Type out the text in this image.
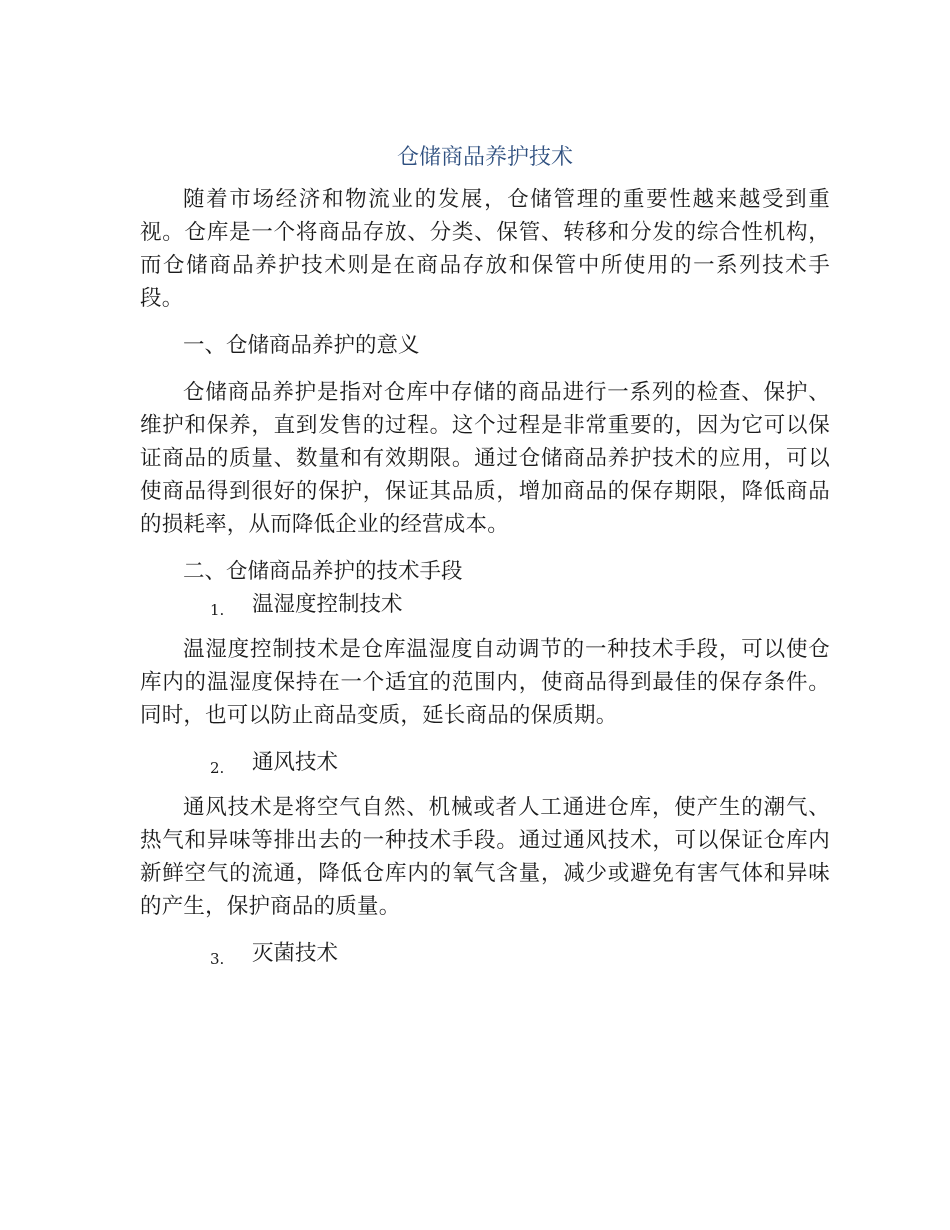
仓储商品养护技术

随着市场经济和物流业的发展，仓储管理的重要性越来越受到重视。仓库是一个将商品存放、分类、保管、转移和分发的综合性机构，而仓储商品养护技术则是在商品存放和保管中所使用的一系列技术手段。

一、仓储商品养护的意义

仓储商品养护是指对仓库中存储的商品进行一系列的检查、保护、维护和保养，直到发售的过程。这个过程是非常重要的，因为它可以保证商品的质量、数量和有效期限。通过仓储商品养护技术的应用，可以使商品得到很好的保护，保证其品质，增加商品的保存期限，降低商品的损耗率，从而降低企业的经营成本。

二、仓储商品养护的技术手段

1. 温湿度控制技术

温湿度控制技术是仓库温湿度自动调节的一种技术手段，可以使仓库内的温湿度保持在一个适宜的范围内，使商品得到最佳的保存条件。同时，也可以防止商品变质，延长商品的保质期。

2. 通风技术

通风技术是将空气自然、机械或者人工通进仓库，使产生的潮气、热气和异味等排出去的一种技术手段。通过通风技术，可以保证仓库内新鲜空气的流通，降低仓库内的氧气含量，减少或避免有害气体和异味的产生，保护商品的质量。

3. 灭菌技术
